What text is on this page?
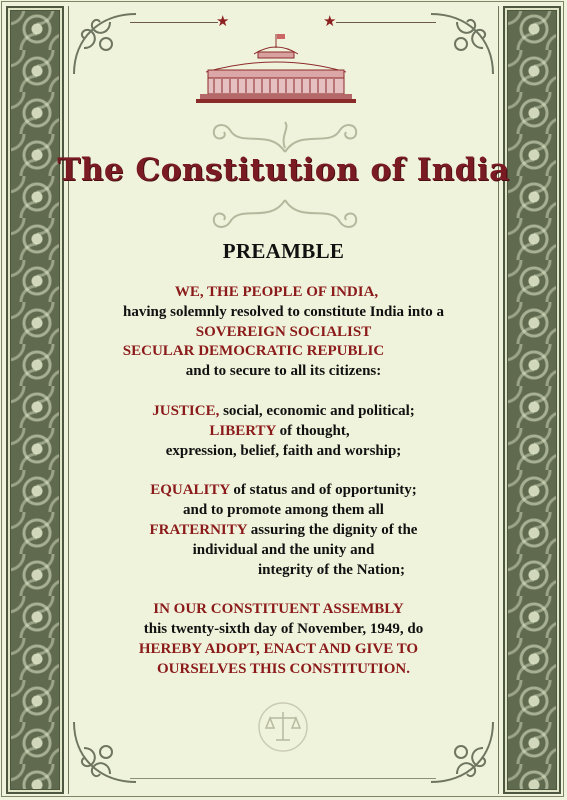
★	★
The Constitution of India
PREAMBLE
WE, THE PEOPLE OF INDIA,
having solemnly resolved to constitute India into a
SOVEREIGN SOCIALIST
SECULAR DEMOCRATIC REPUBLIC
and to secure to all its citizens:
JUSTICE, social, economic and political;
LIBERTY of thought,
expression, belief, faith and worship;
EQUALITY of status and of opportunity;
and to promote among them all
FRATERNITY assuring the dignity of the
individual and the unity and
integrity of the Nation;
IN OUR CONSTITUENT ASSEMBLY
this twenty-sixth day of November, 1949, do
HEREBY ADOPT, ENACT AND GIVE TO
OURSELVES THIS CONSTITUTION.
